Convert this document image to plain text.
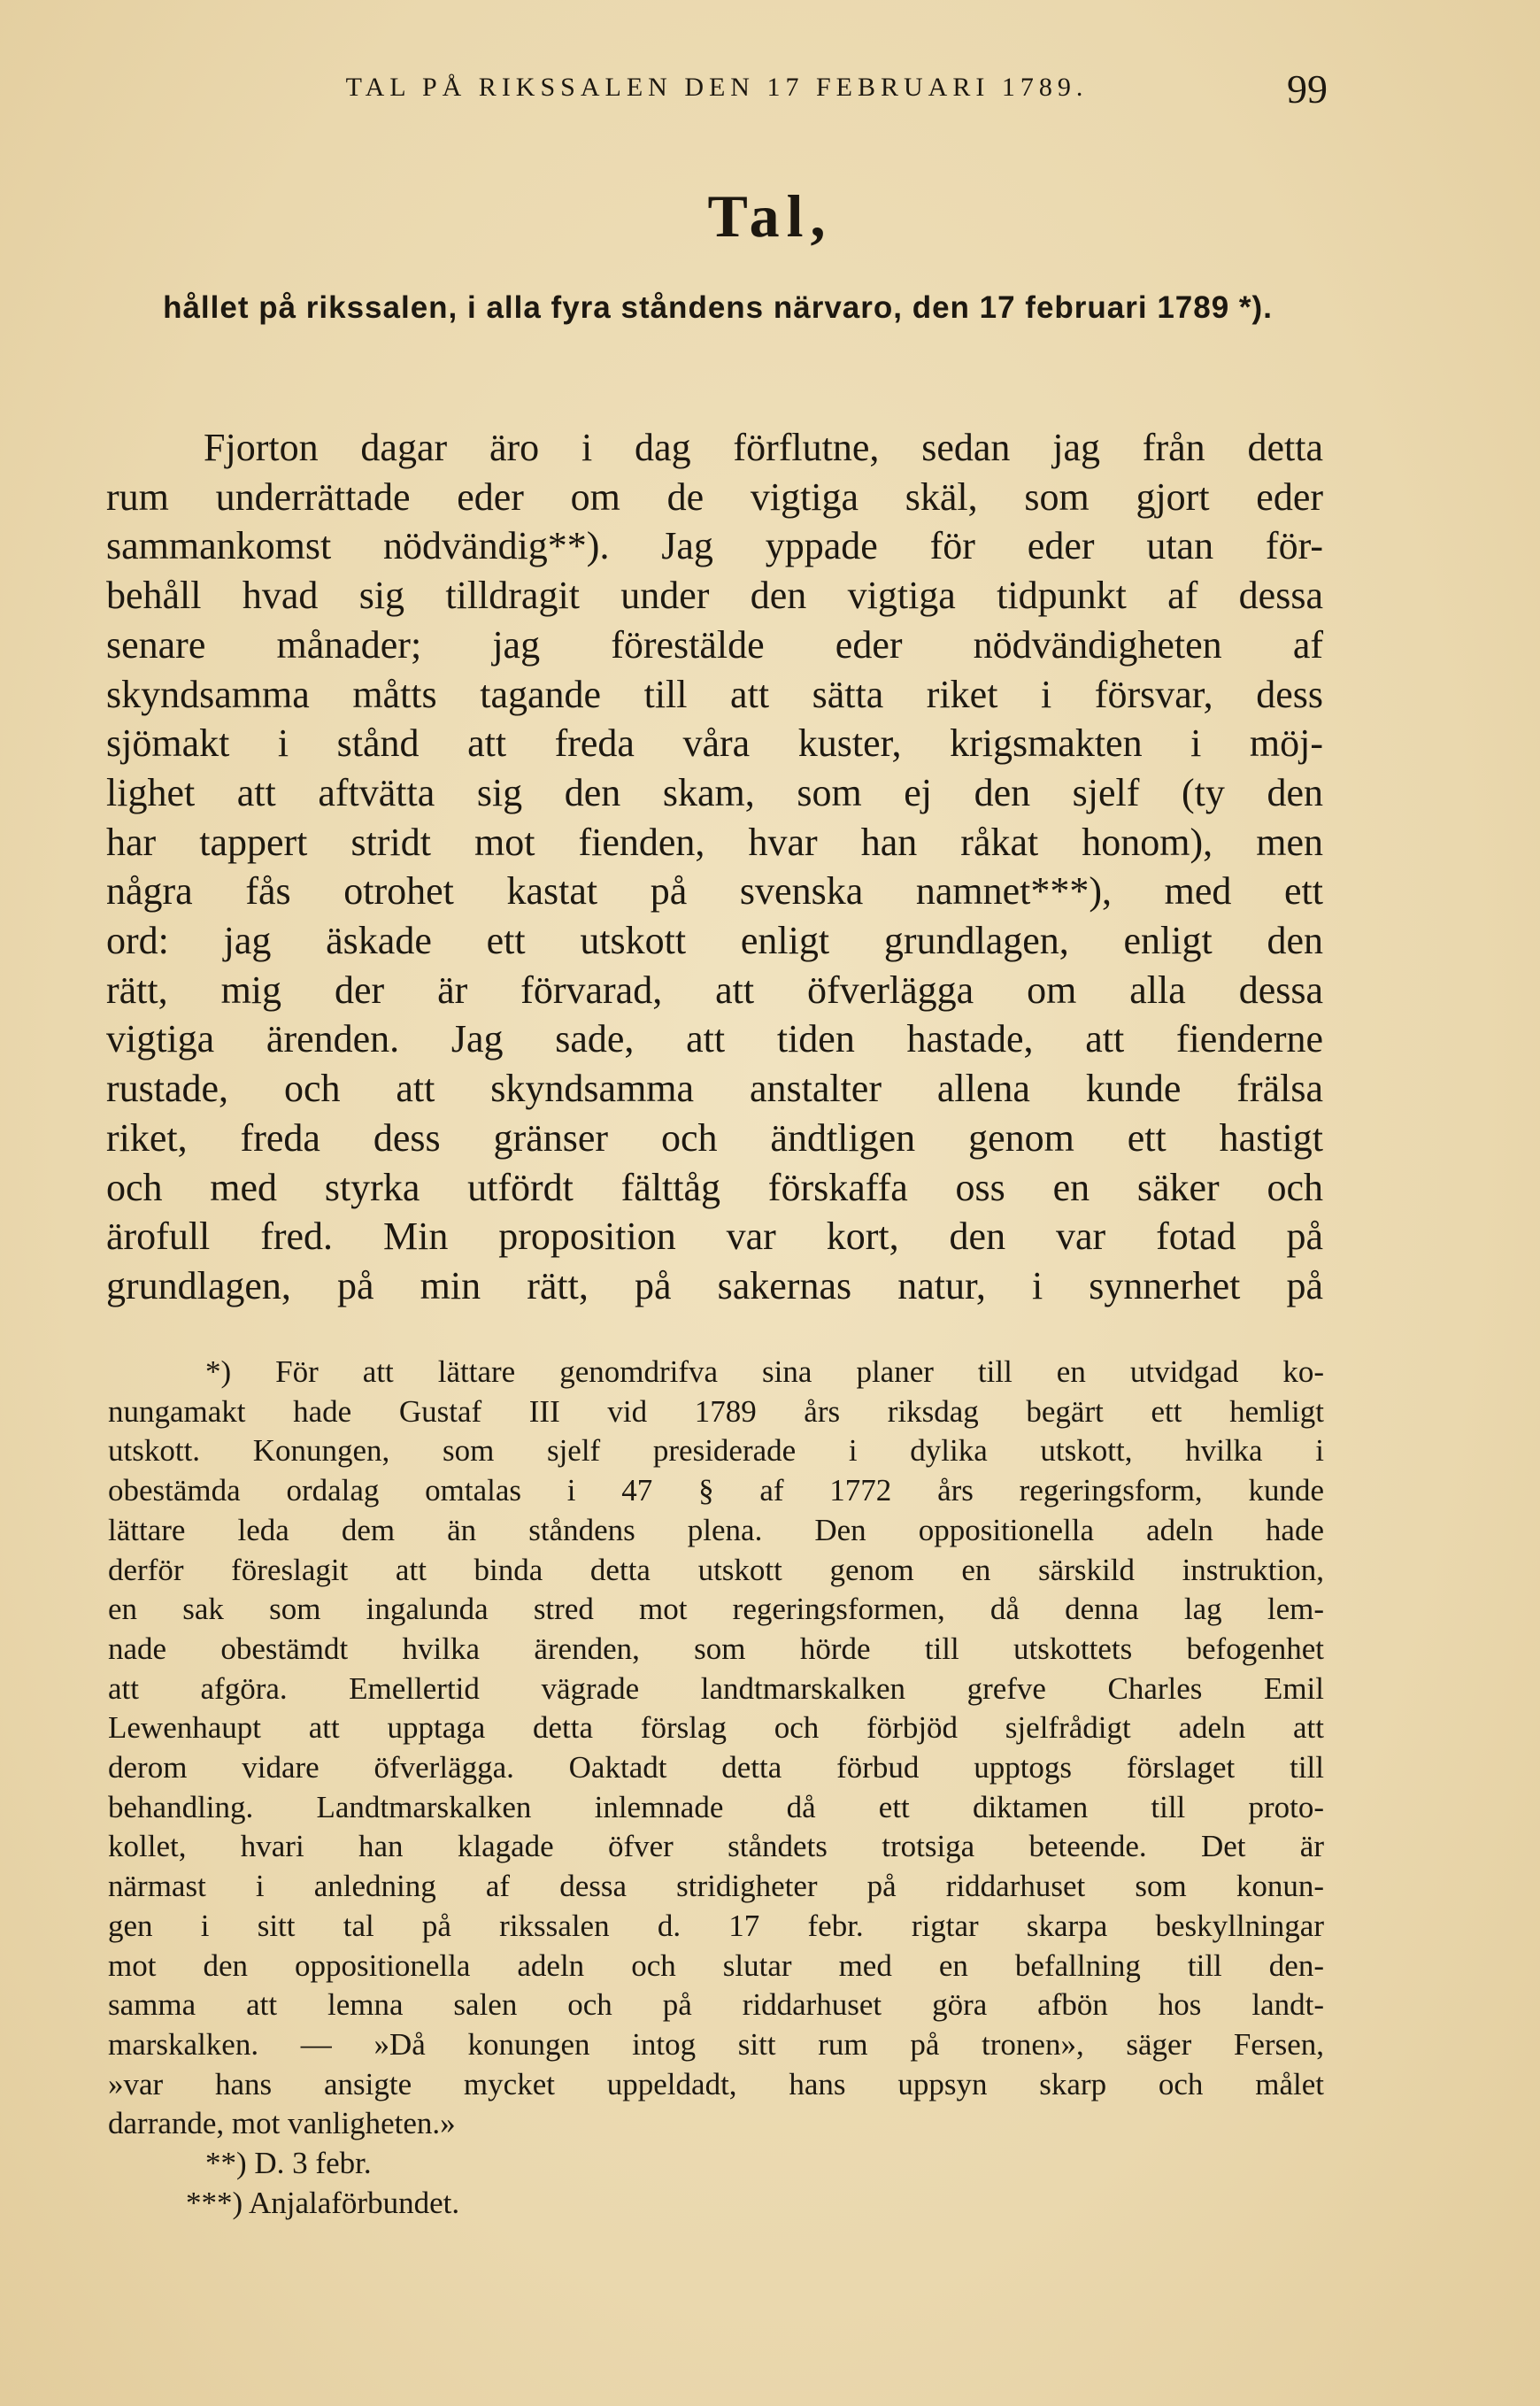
TAL PÅ RIKSSALEN DEN 17 FEBRUARI 1789.	99
Tal,
hållet på rikssalen, i alla fyra ståndens närvaro, den 17 februari 1789 *).
Fjorton dagar äro i dag förflutne, sedan jag från detta
rum underrättade eder om de vigtiga skäl, som gjort eder
sammankomst nödvändig**). Jag yppade för eder utan för-
behåll hvad sig tilldragit under den vigtiga tidpunkt af dessa
senare månader; jag förestälde eder nödvändigheten af
skyndsamma måtts tagande till att sätta riket i försvar, dess
sjömakt i stånd att freda våra kuster, krigsmakten i möj-
lighet att aftvätta sig den skam, som ej den sjelf (ty den
har tappert stridt mot fienden, hvar han råkat honom), men
några fås otrohet kastat på svenska namnet***), med ett
ord: jag äskade ett utskott enligt grundlagen, enligt den
rätt, mig der är förvarad, att öfverlägga om alla dessa
vigtiga ärenden. Jag sade, att tiden hastade, att fienderne
rustade, och att skyndsamma anstalter allena kunde frälsa
riket, freda dess gränser och ändtligen genom ett hastigt
och med styrka utfördt fälttåg förskaffa oss en säker och
ärofull fred. Min proposition var kort, den var fotad på
grundlagen, på min rätt, på sakernas natur, i synnerhet på
*) För att lättare genomdrifva sina planer till en utvidgad ko-
nungamakt hade Gustaf III vid 1789 års riksdag begärt ett hemligt
utskott. Konungen, som sjelf presiderade i dylika utskott, hvilka i
obestämda ordalag omtalas i 47 § af 1772 års regeringsform, kunde
lättare leda dem än ståndens plena. Den oppositionella adeln hade
derför föreslagit att binda detta utskott genom en särskild instruktion,
en sak som ingalunda stred mot regeringsformen, då denna lag lem-
nade obestämdt hvilka ärenden, som hörde till utskottets befogenhet
att afgöra. Emellertid vägrade landtmarskalken grefve Charles Emil
Lewenhaupt att upptaga detta förslag och förbjöd sjelfrådigt adeln att
derom vidare öfverlägga. Oaktadt detta förbud upptogs förslaget till
behandling. Landtmarskalken inlemnade då ett diktamen till proto-
kollet, hvari han klagade öfver ståndets trotsiga beteende. Det är
närmast i anledning af dessa stridigheter på riddarhuset som konun-
gen i sitt tal på rikssalen d. 17 febr. rigtar skarpa beskyllningar
mot den oppositionella adeln och slutar med en befallning till den-
samma att lemna salen och på riddarhuset göra afbön hos landt-
marskalken. — »Då konungen intog sitt rum på tronen», säger Fersen,
»var hans ansigte mycket uppeldadt, hans uppsyn skarp och målet
darrande, mot vanligheten.»
**) D. 3 febr.
***) Anjalaförbundet.
